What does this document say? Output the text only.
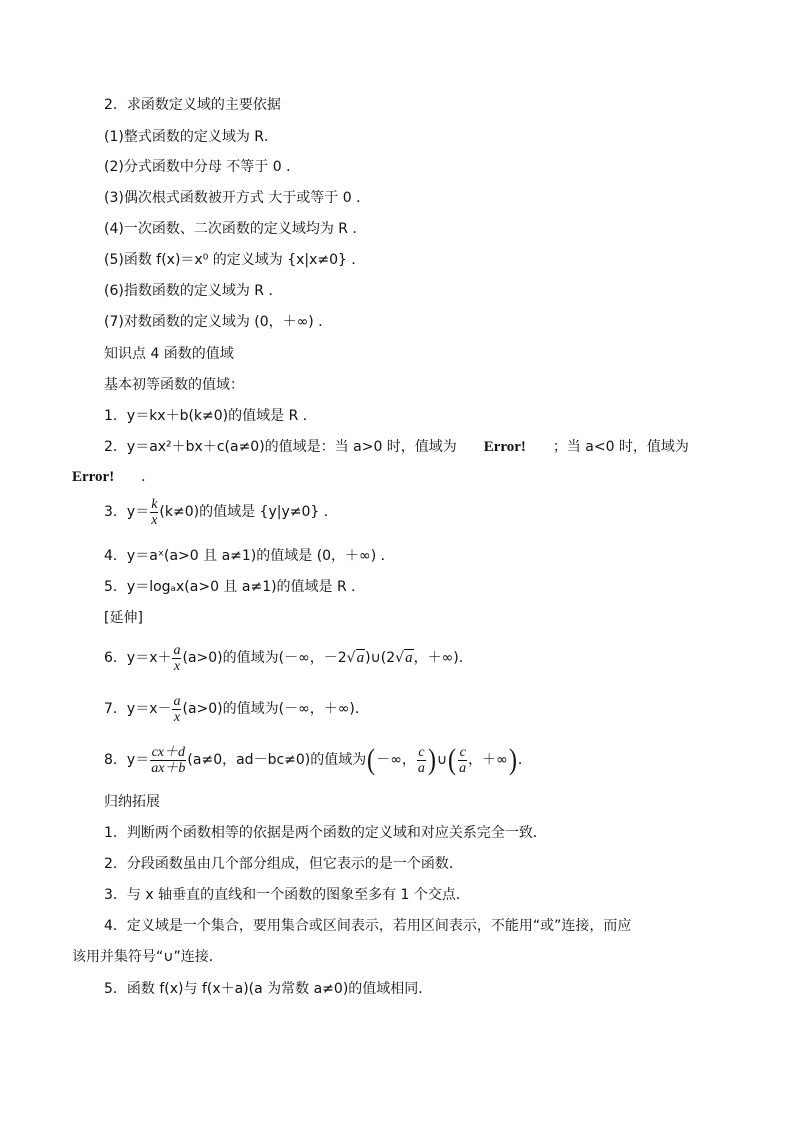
2．求函数定义域的主要依据
(1)整式函数的定义域为 R．
(2)分式函数中分母 不等于 0 ．
(3)偶次根式函数被开方式 大于或等于 0 ．
(4)一次函数、二次函数的定义域均为 R ．
(5)函数 f(x)＝x⁰ 的定义域为 {x|x≠0} ．
(6)指数函数的定义域为 R ．
(7)对数函数的定义域为 (0，＋∞) ．
知识点 4 函数的值域
基本初等函数的值域：
1．y＝kx＋b(k≠0)的值域是 R ．
2．y＝ax²＋bx＋c(a≠0)的值域是：当 a>0 时，值域为 Error! ；当 a<0 时，值域为
Error! ．
3．$y= \frac{k}{x} (k\ne 0)$的值域是 {y|y≠0} ．
4．y＝aˣ(a>0 且 a≠1)的值域是 (0，＋∞) ．
5．y＝logₐx(a>0 且 a≠1)的值域是 R ．
[延伸]
6．$y=x+ \frac{a}{x} (a>0)$的值域为(－∞，－2√a)∪(2√a，＋∞)．
7．$y=x- \frac{a}{x} (a>0)$的值域为(－∞，＋∞)．
8．$y= \frac{cx+d}{ax+b} (a\ne 0$，ad－bc≠0)的值域为(－∞， $\frac{c}{a}$ )∪( $\frac{c}{a}$ ，＋∞)．
归纳拓展
1．判断两个函数相等的依据是两个函数的定义域和对应关系完全一致．
2．分段函数虽由几个部分组成，但它表示的是一个函数．
3．与 x 轴垂直的直线和一个函数的图象至多有 1 个交点．
4．定义域是一个集合，要用集合或区间表示，若用区间表示，不能用“或”连接，而应
该用并集符号“∪”连接．
5．函数 f(x)与 f(x＋a)(a 为常数 a≠0)的值域相同．
